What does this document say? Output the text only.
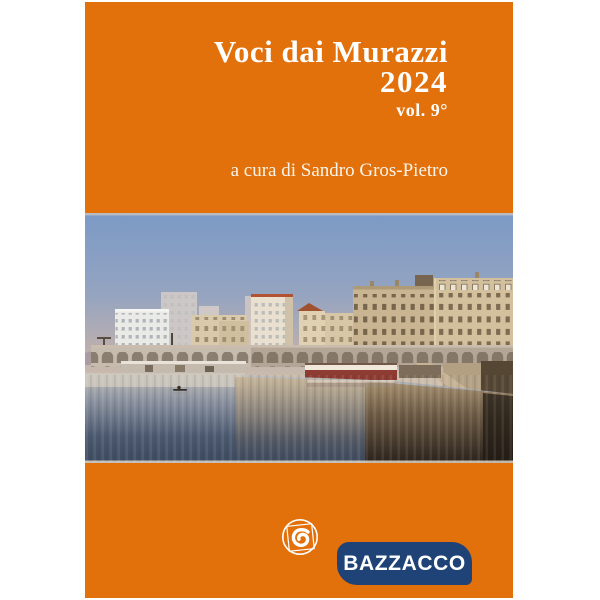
Voci dai Murazzi
2024
vol. 9°
a cura di Sandro Gros-Pietro
BAZZACCO
